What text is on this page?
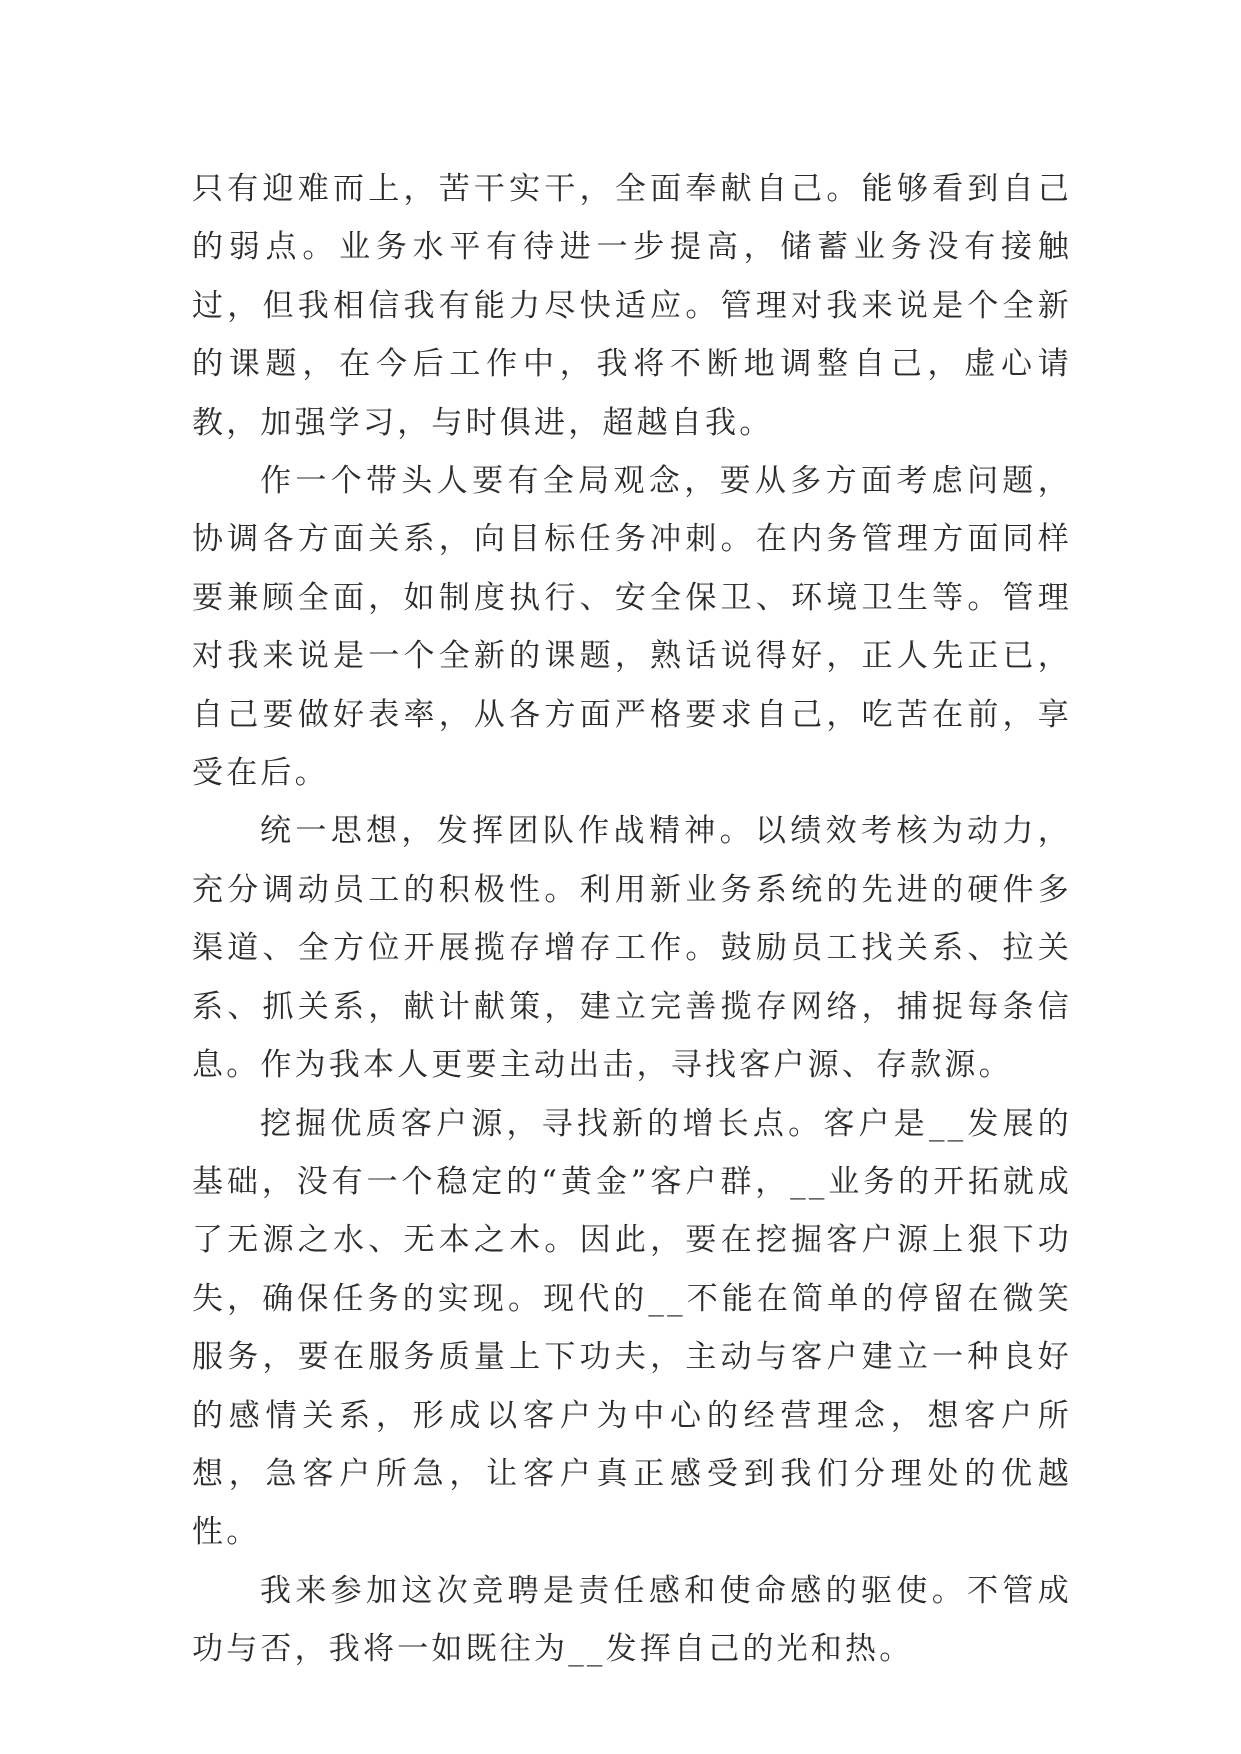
只有迎难而上，苦干实干，全面奉献自己。能够看到自己的弱点。业务水平有待进一步提高，储蓄业务没有接触过，但我相信我有能力尽快适应。管理对我来说是个全新的课题，在今后工作中，我将不断地调整自己，虚心请教，加强学习，与时俱进，超越自我。

作一个带头人要有全局观念，要从多方面考虑问题，协调各方面关系，向目标任务冲刺。在内务管理方面同样要兼顾全面，如制度执行、安全保卫、环境卫生等。管理对我来说是一个全新的课题，熟话说得好，正人先正已，自己要做好表率，从各方面严格要求自己，吃苦在前，享受在后。

统一思想，发挥团队作战精神。以绩效考核为动力，充分调动员工的积极性。利用新业务系统的先进的硬件多渠道、全方位开展揽存增存工作。鼓励员工找关系、拉关系、抓关系，献计献策，建立完善揽存网络，捕捉每条信息。作为我本人更要主动出击，寻找客户源、存款源。

挖掘优质客户源，寻找新的增长点。客户是__发展的基础，没有一个稳定的“黄金”客户群，__业务的开拓就成了无源之水、无本之木。因此，要在挖掘客户源上狠下功失，确保任务的实现。现代的__不能在简单的停留在微笑服务，要在服务质量上下功夫，主动与客户建立一种良好的感情关系，形成以客户为中心的经营理念，想客户所想，急客户所急，让客户真正感受到我们分理处的优越性。

我来参加这次竞聘是责任感和使命感的驱使。不管成功与否，我将一如既往为__发挥自己的光和热。
